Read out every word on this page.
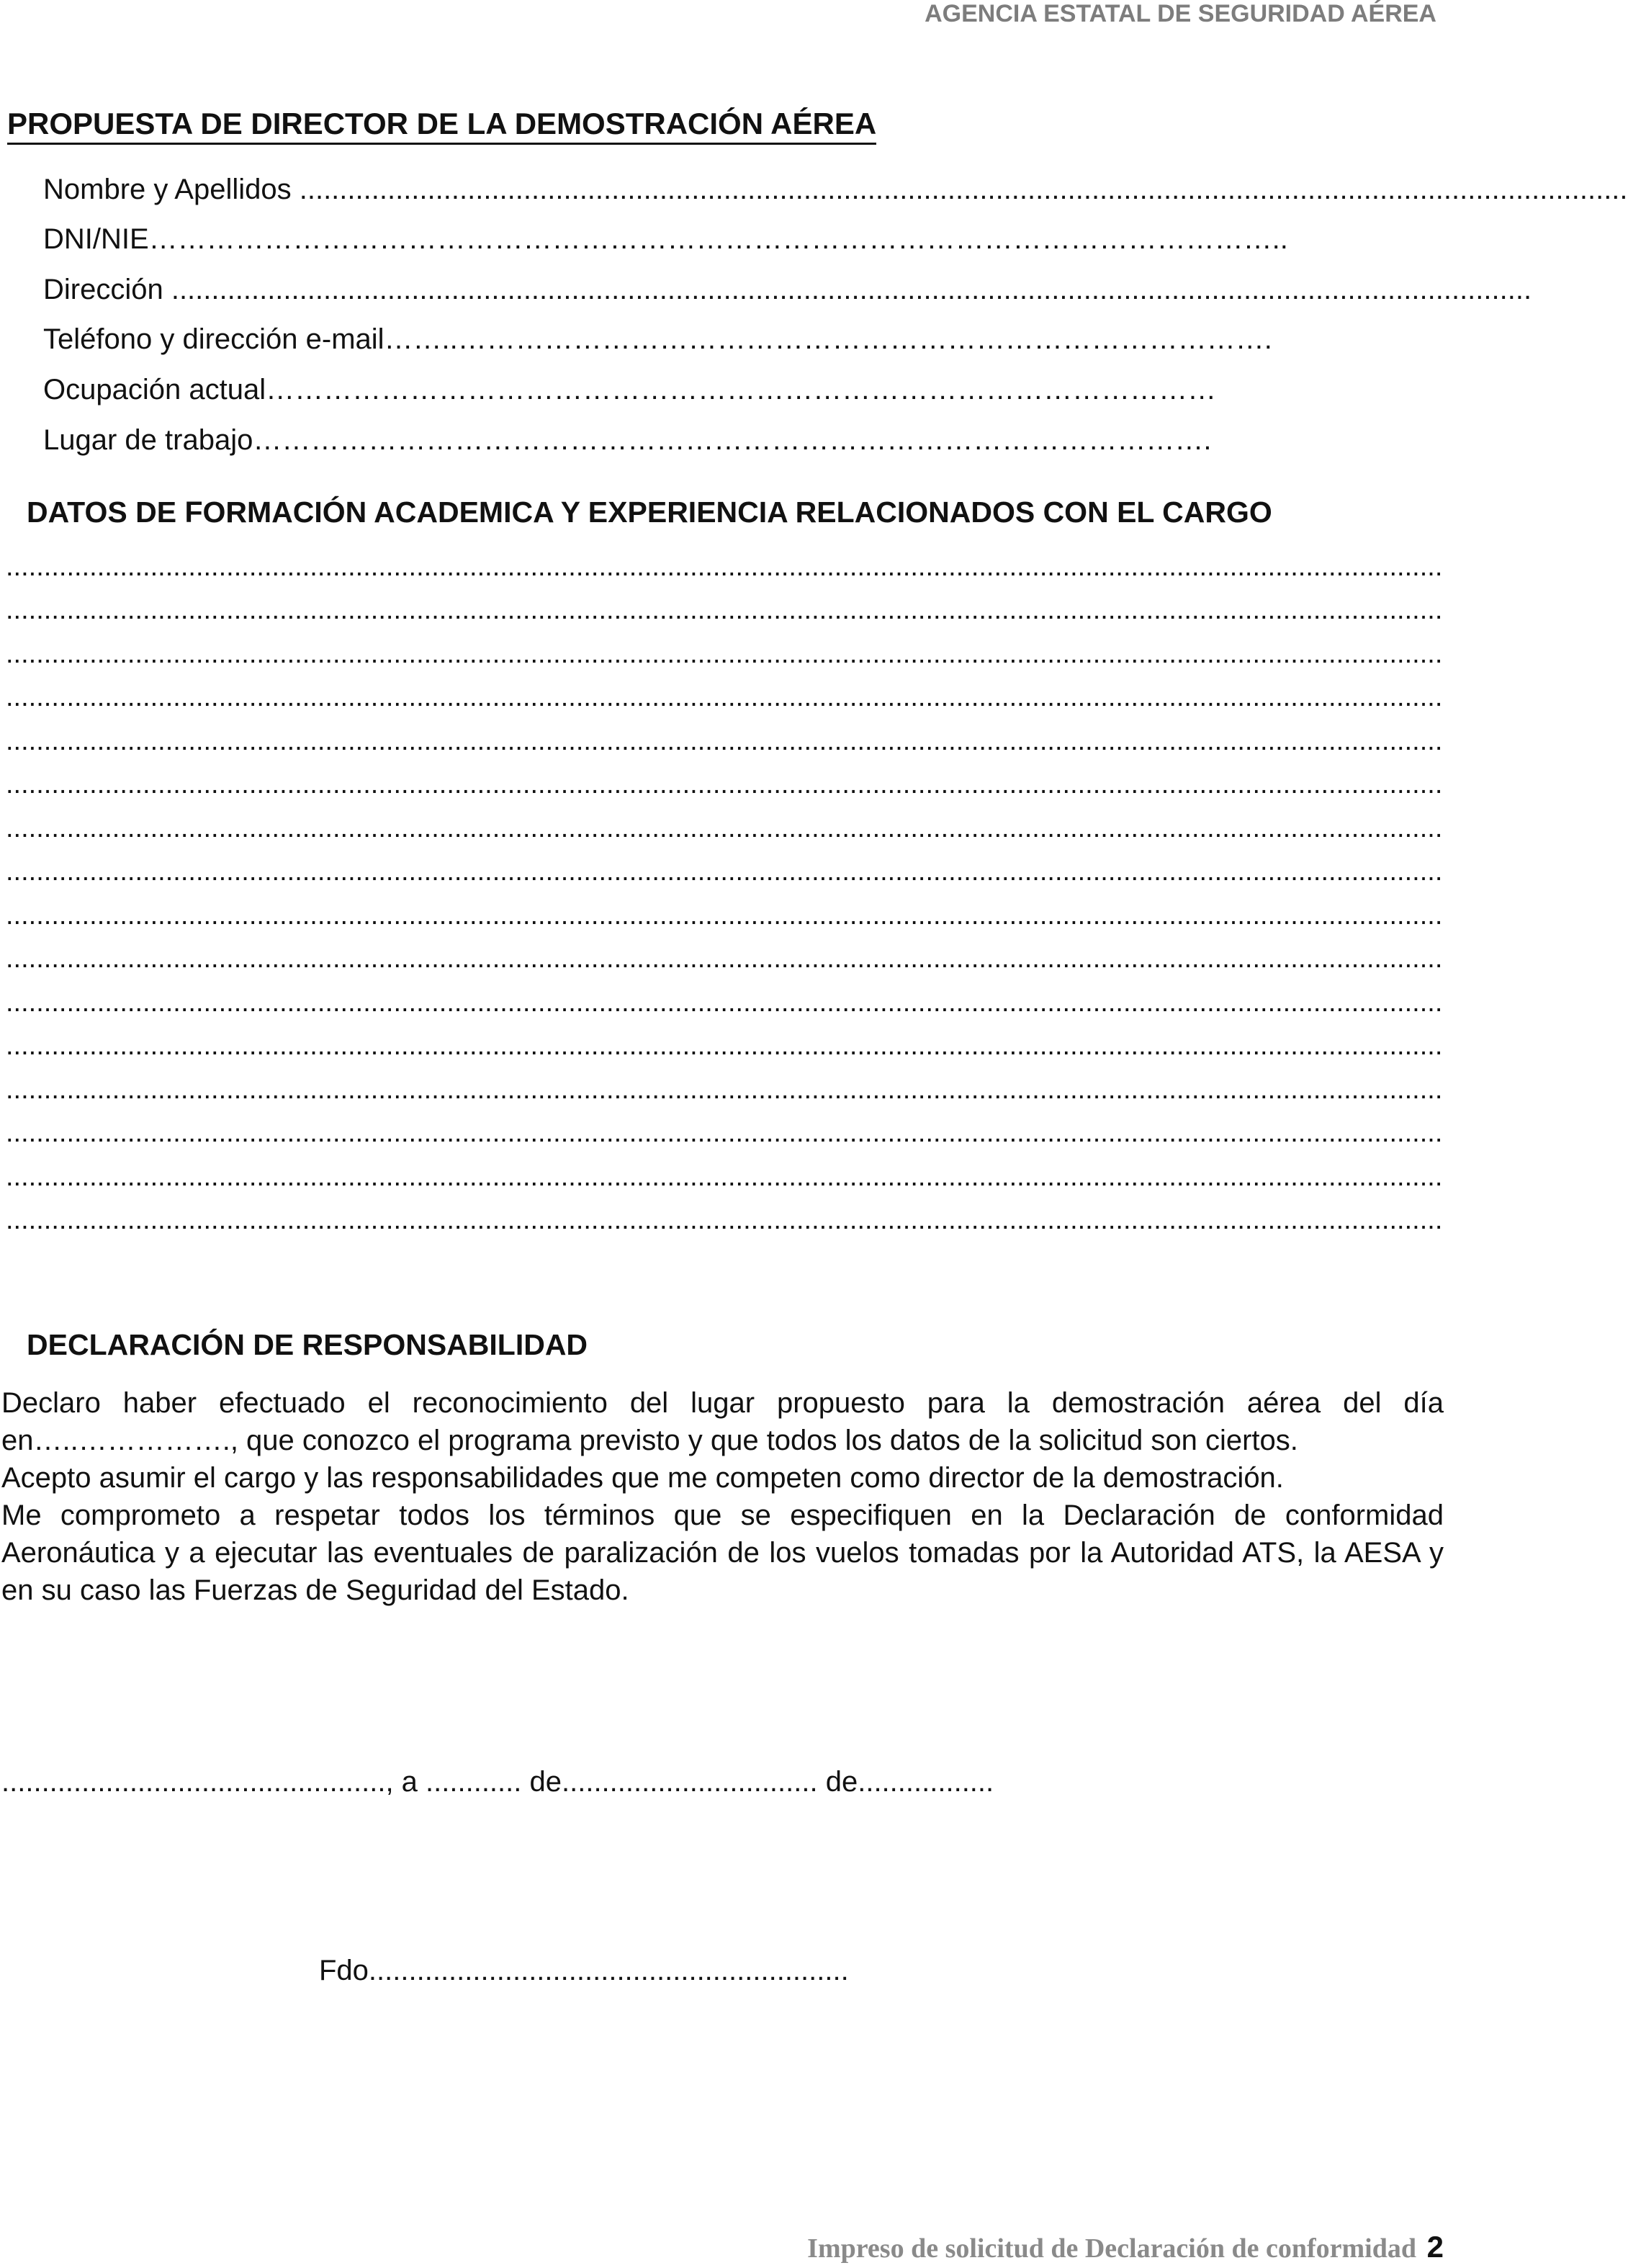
AGENCIA ESTATAL DE SEGURIDAD AÉREA
PROPUESTA DE DIRECTOR DE LA DEMOSTRACIÓN AÉREA
Nombre y Apellidos ......................................................................................................................................................................
DNI/NIE………………………………………………………………………………………………………..
Dirección ..........................................................................................................................................................................
Teléfono y dirección e-mail……..………………………………………………………………………….
Ocupación actual………………………………………………………………………………………
Lugar de trabajo……………………………………………………………………………………….
DATOS DE FORMACIÓN ACADEMICA Y EXPERIENCIA RELACIONADOS CON EL CARGO
.............................................................................................................................................................................................
.............................................................................................................................................................................................
.............................................................................................................................................................................................
.............................................................................................................................................................................................
.............................................................................................................................................................................................
.............................................................................................................................................................................................
.............................................................................................................................................................................................
.............................................................................................................................................................................................
.............................................................................................................................................................................................
.............................................................................................................................................................................................
.............................................................................................................................................................................................
.............................................................................................................................................................................................
.............................................................................................................................................................................................
.............................................................................................................................................................................................
.............................................................................................................................................................................................
.............................................................................................................................................................................................
DECLARACIÓN DE RESPONSABILIDAD

Declaro haber efectuado el reconocimiento del lugar propuesto para la demostración aérea del día en…..……………., que conozco el programa previsto y que todos los datos de la solicitud son ciertos.

Acepto asumir el cargo y las responsabilidades que me competen como director de la demostración.

Me comprometo a respetar todos los términos que se especifiquen en la Declaración de conformidad Aeronáutica y a ejecutar las eventuales de paralización de los vuelos tomadas por la Autoridad ATS, la AESA y en su caso las Fuerzas de Seguridad del Estado.

................................................, a ............ de................................ de.................
Fdo............................................................
Impreso de solicitud de Declaración de conformidad 2
